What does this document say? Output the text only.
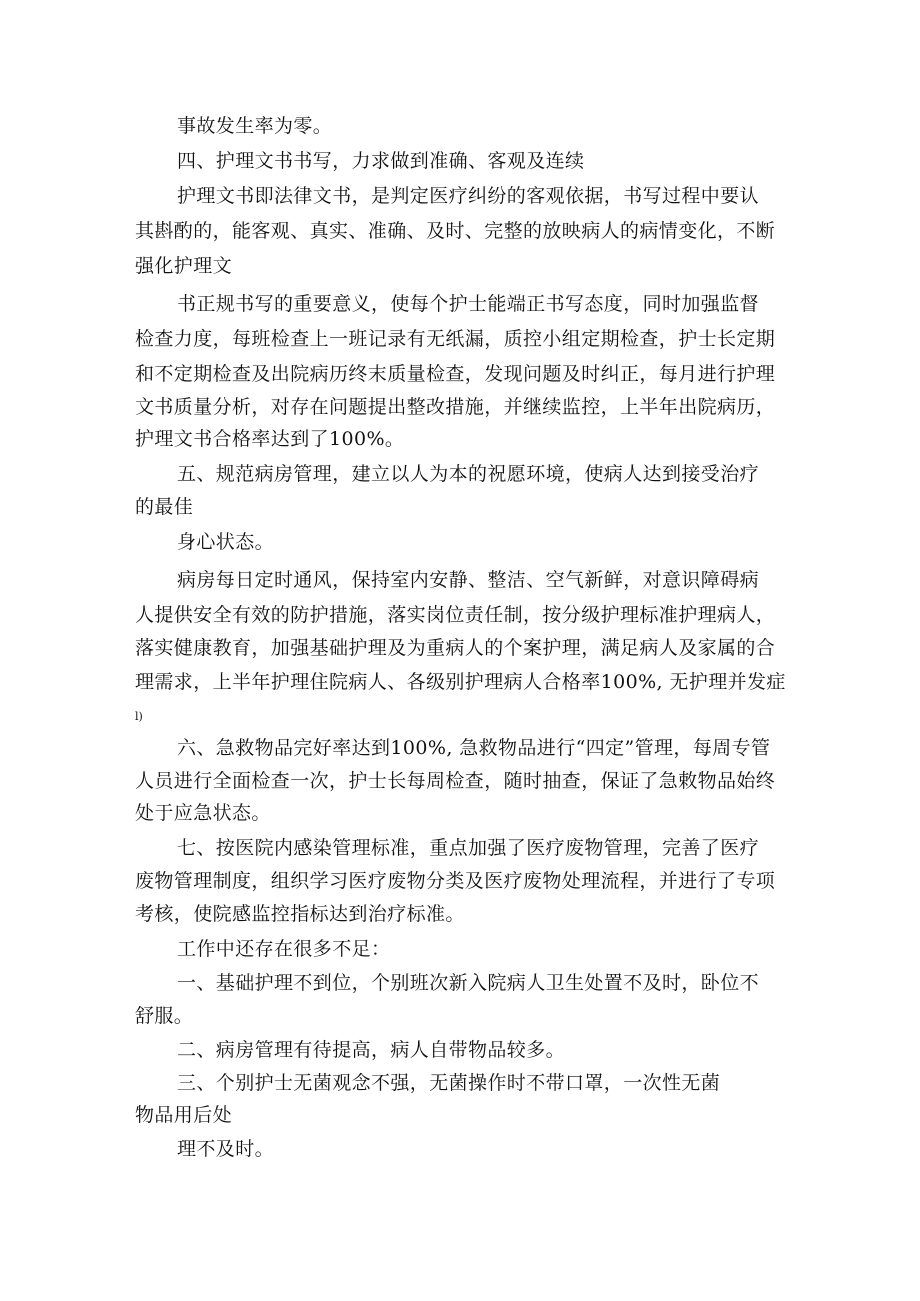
事故发生率为零。
四、护理文书书写，力求做到准确、客观及连续
护理文书即法律文书，是判定医疗纠纷的客观依据，书写过程中要认
其斟酌的，能客观、真实、准确、及时、完整的放映病人的病情变化，不断
强化护理文
书正规书写的重要意义，使每个护士能端正书写态度，同时加强监督
检查力度，每班检查上一班记录有无纸漏，质控小组定期检查，护士长定期
和不定期检查及出院病历终末质量检查，发现问题及时纠正，每月进行护理
文书质量分析，对存在问题提出整改措施，并继续监控，上半年出院病历，
护理文书合格率达到了100%。
五、规范病房管理，建立以人为本的祝愿环境，使病人达到接受治疗
的最佳
身心状态。
病房每日定时通风，保持室内安静、整洁、空气新鲜，对意识障碍病
人提供安全有效的防护措施，落实岗位责任制，按分级护理标准护理病人，
落实健康教育，加强基础护理及为重病人的个案护理，满足病人及家属的合
理需求，上半年护理住院病人、各级别护理病人合格率100%, 无护理并发症
l)
六、急救物品完好率达到100%, 急救物品进行“四定”管理，每周专管
人员进行全面检查一次，护士长每周检查，随时抽查，保证了急敕物品始终
处于应急状态。
七、按医院内感染管理标准，重点加强了医疗废物管理，完善了医疗
废物管理制度，组织学习医疗废物分类及医疗废物处理流程，并进行了专项
考核，使院感监控指标达到治疗标准。
工作中还存在很多不足：
一、基础护理不到位，个别班次新入院病人卫生处置不及时，卧位不
舒服。
二、病房管理有待提高，病人自带物品较多。
三、个别护士无菌观念不强，无菌操作时不带口罩，一次性无菌
物品用后处
理不及时。
